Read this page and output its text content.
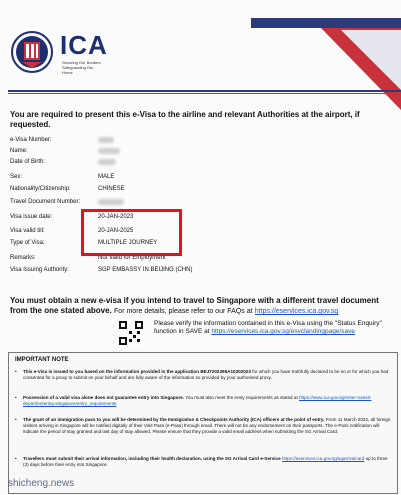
ICA
Securing Our Borders, Safeguarding Our Home
You are required to present this e-Visa to the airline and relevant Authorities at the airport, if requested.
e-Visa Number:
Name:
Date of Birth:
Sex:	MALE
Nationality/Citizenship:	CHINESE
Travel Document Number:
Visa issue date:	20-JAN-2023
Visa valid till:	20-JAN-2025
Type of Visa:	MULTIPLE JOURNEY
Remarks:	Not Valid for Employment
Visa Issuing Authority:	SGP EMBASSY IN BEIJING (CHN)
You must obtain a new e-visa if you intend to travel to Singapore with a different travel document from the one stated above. For more details, please refer to our FAQs at https://eservices.ica.gov.sg
Please verify the information contained in this e-Visa using the "Status Enquiry" function in SAVE at https://eservices.ica.gov.sg/esvclandingpage/save
IMPORTANT NOTE
• This e-Visa is issued to you based on the information provided in the application BEJ7202395A10202023 for which you have truthfully declared to be so or for which you had consented for a proxy to submit on your behalf and are fully aware of the information so provided by your authorised proxy.
• Possession of a valid visa alone does not guarantee entry into Singapore. You must also meet the entry requirements as stated at https://www.ica.gov.sg/enter-transit-depart/entering-singapore/entry_requirements
• The grant of an immigration pass to you will be determined by the Immigration & Checkpoints Authority (ICA) officers at the point of entry. From 11 March 2022, all foreign visitors arriving in Singapore will be notified digitally of their Visit Pass (e-Pass) through email. There will not be any endorsement on their passports. The e-Pass notification will indicate the period of stay granted and last day of stay allowed. Please ensure that they provide a valid email address when submitting the SG Arrival Card.
• Travellers must submit their arrival information, including their health declaration, using the SG Arrival Card e-Service https://eservices.ica.gov.sg/sgarrivalcard up to three (3) days before their entry into Singapore.
shicheng.news
